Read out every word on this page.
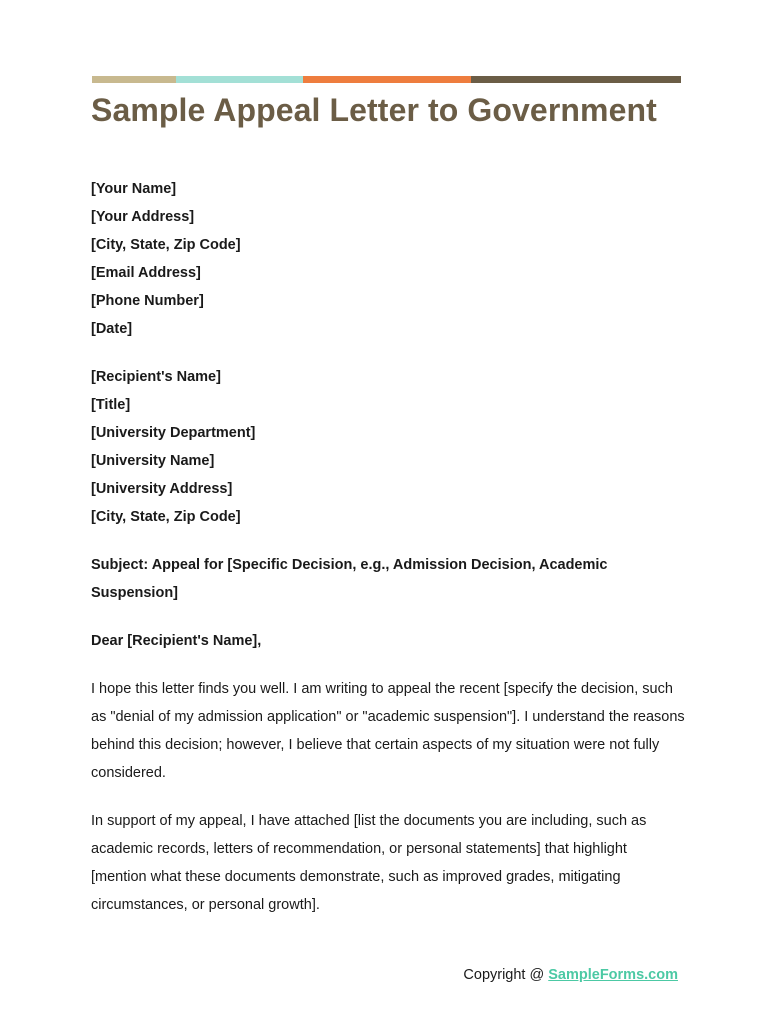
Sample Appeal Letter to Government
[Your Name]
[Your Address]
[City, State, Zip Code]
[Email Address]
[Phone Number]
[Date]
[Recipient's Name]
[Title]
[University Department]
[University Name]
[University Address]
[City, State, Zip Code]

Subject: Appeal for [Specific Decision, e.g., Admission Decision, Academic Suspension]

Dear [Recipient's Name],

I hope this letter finds you well. I am writing to appeal the recent [specify the decision, such as "denial of my admission application" or "academic suspension"]. I understand the reasons behind this decision; however, I believe that certain aspects of my situation were not fully considered.

In support of my appeal, I have attached [list the documents you are including, such as academic records, letters of recommendation, or personal statements] that highlight [mention what these documents demonstrate, such as improved grades, mitigating circumstances, or personal growth].

Copyright @ SampleForms.com
